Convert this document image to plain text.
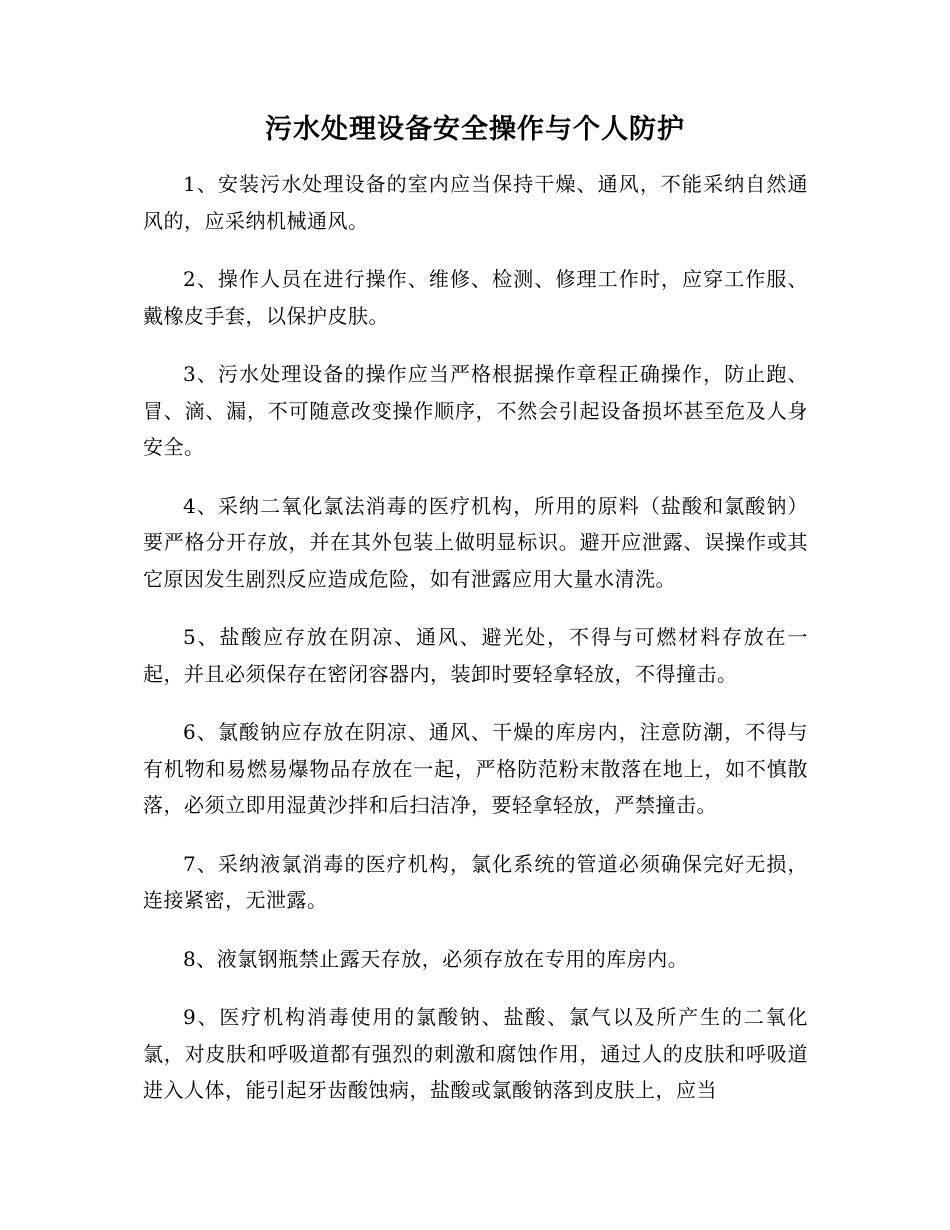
污水处理设备安全操作与个人防护

1、安装污水处理设备的室内应当保持干燥、通风，不能采纳自然通风的，应采纳机械通风。

2、操作人员在进行操作、维修、检测、修理工作时，应穿工作服、戴橡皮手套，以保护皮肤。

3、污水处理设备的操作应当严格根据操作章程正确操作，防止跑、冒、滴、漏，不可随意改变操作顺序，不然会引起设备损坏甚至危及人身安全。

4、采纳二氧化氯法消毒的医疗机构，所用的原料（盐酸和氯酸钠）要严格分开存放，并在其外包装上做明显标识。避开应泄露、误操作或其它原因发生剧烈反应造成危险，如有泄露应用大量水清洗。

5、盐酸应存放在阴凉、通风、避光处，不得与可燃材料存放在一起，并且必须保存在密闭容器内，装卸时要轻拿轻放，不得撞击。

6、氯酸钠应存放在阴凉、通风、干燥的库房内，注意防潮，不得与有机物和易燃易爆物品存放在一起，严格防范粉末散落在地上，如不慎散落，必须立即用湿黄沙拌和后扫洁净，要轻拿轻放，严禁撞击。

7、采纳液氯消毒的医疗机构，氯化系统的管道必须确保完好无损，连接紧密，无泄露。

8、液氯钢瓶禁止露天存放，必须存放在专用的库房内。

9、医疗机构消毒使用的氯酸钠、盐酸、氯气以及所产生的二氧化氯，对皮肤和呼吸道都有强烈的刺激和腐蚀作用，通过人的皮肤和呼吸道进入人体，能引起牙齿酸蚀病，盐酸或氯酸钠落到皮肤上，应当
